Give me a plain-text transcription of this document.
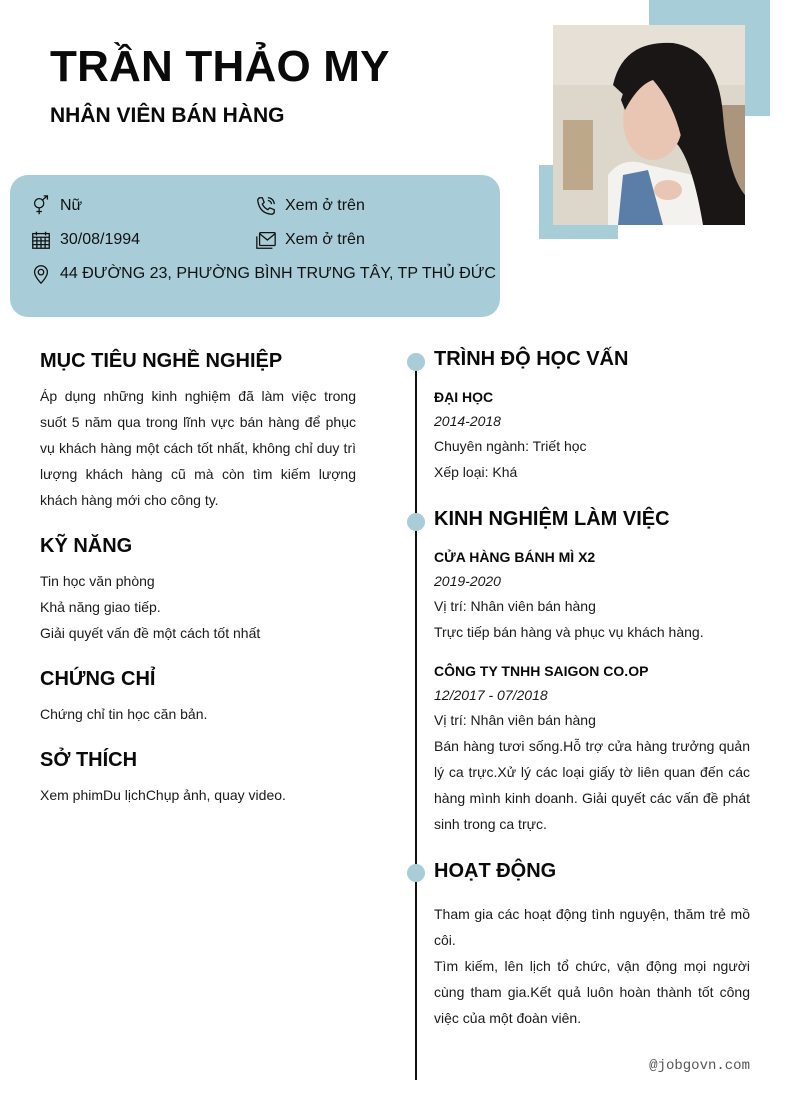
TRẦN THẢO MY
NHÂN VIÊN BÁN HÀNG
Nữ	Xem ở trên
30/08/1994	Xem ở trên
44 ĐƯỜNG 23, PHƯỜNG BÌNH TRƯNG TÂY, TP THỦ ĐỨC
MỤC TIÊU NGHỀ NGHIỆP
Áp dụng những kinh nghiệm đã làm việc trong suốt 5 năm qua trong lĩnh vực bán hàng để phục vụ khách hàng một cách tốt nhất, không chỉ duy trì lượng khách hàng cũ mà còn tìm kiếm lượng khách hàng mới cho công ty.
KỸ NĂNG
Tin học văn phòng
Khả năng giao tiếp.
Giải quyết vấn đề một cách tốt nhất
CHỨNG CHỈ
Chứng chỉ tin học căn bản.
SỞ THÍCH
Xem phimDu lịchChụp ảnh, quay video.
TRÌNH ĐỘ HỌC VẤN
ĐẠI HỌC
2014-2018
Chuyên ngành: Triết học
Xếp loại: Khá
KINH NGHIỆM LÀM VIỆC
CỬA HÀNG BÁNH MÌ X2
2019-2020
Vị trí: Nhân viên bán hàng
Trực tiếp bán hàng và phục vụ khách hàng.
CÔNG TY TNHH SAIGON CO.OP
12/2017 - 07/2018
Vị trí: Nhân viên bán hàng
Bán hàng tươi sống.Hỗ trợ cửa hàng trưởng quản lý ca trực.Xử lý các loại giấy tờ liên quan đến các hàng mình kinh doanh. Giải quyết các vấn đề phát sinh trong ca trực.
HOẠT ĐỘNG
Tham gia các hoạt động tình nguyện, thăm trẻ mồ côi.
Tìm kiếm, lên lịch tổ chức, vận động mọi người cùng tham gia.Kết quả luôn hoàn thành tốt công việc của một đoàn viên.
@jobgovn.com
